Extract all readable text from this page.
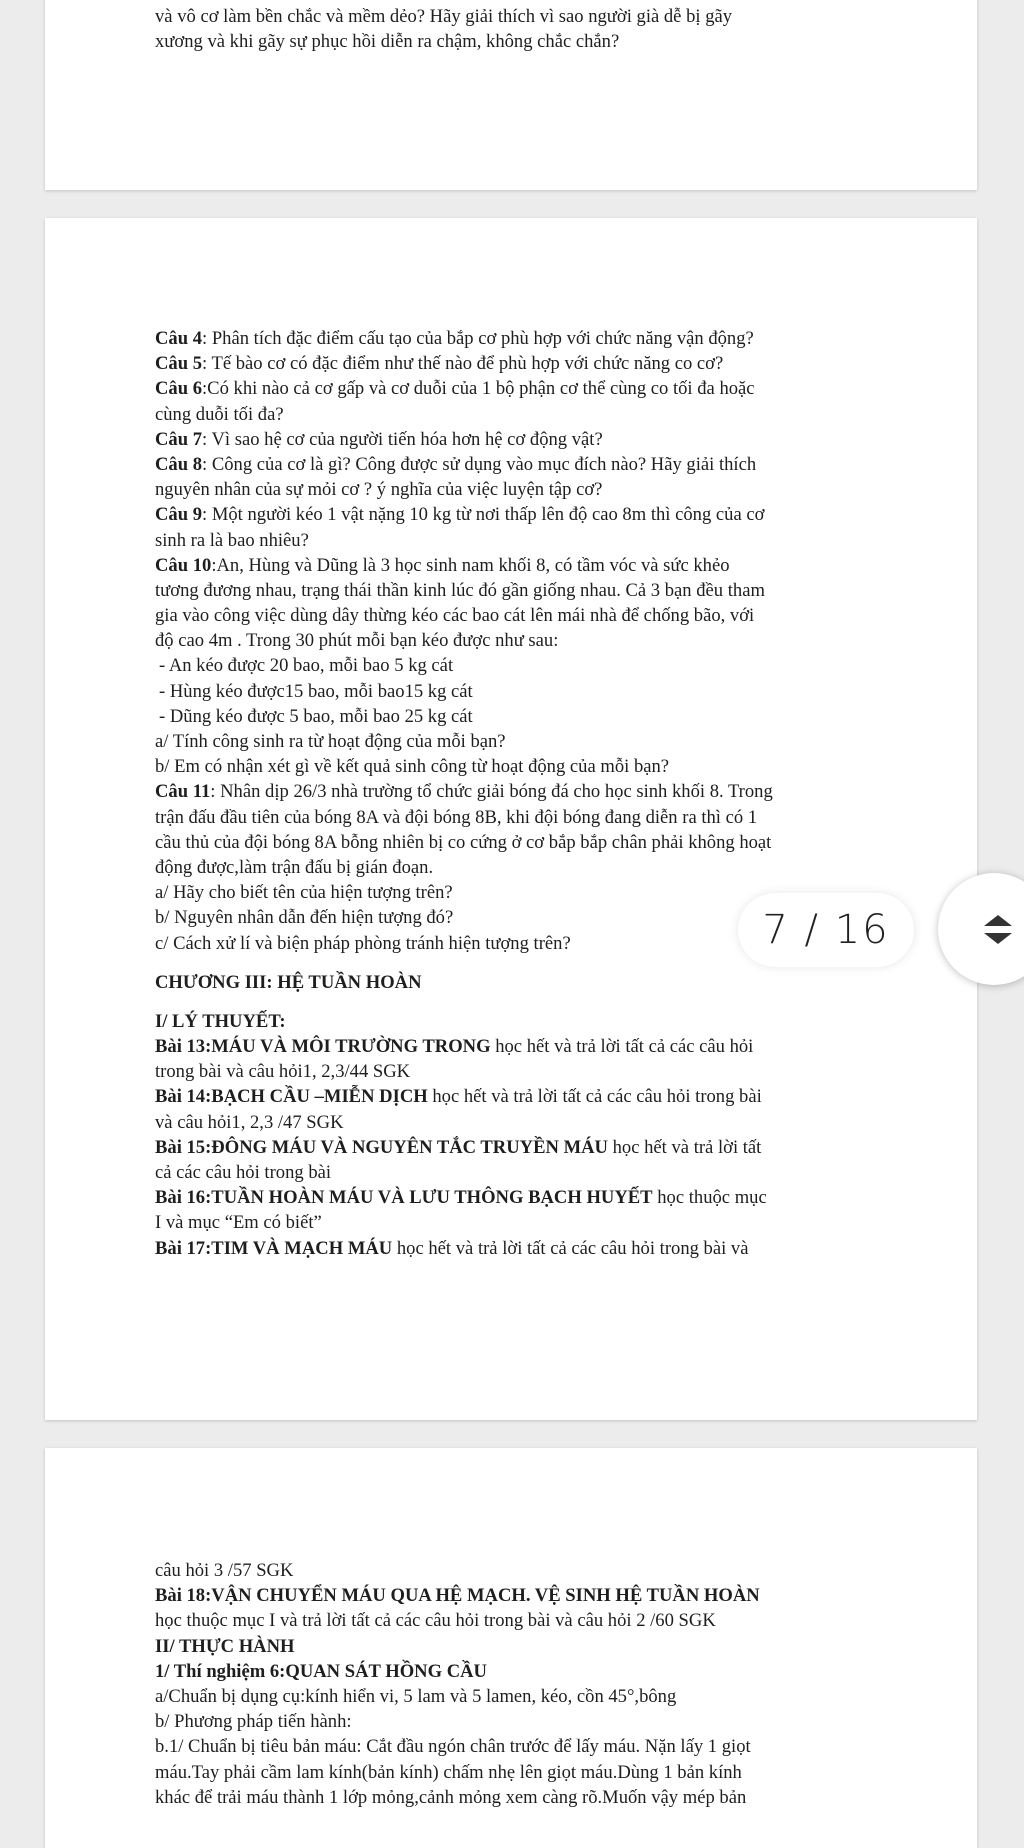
và vô cơ làm bền chắc và mềm dẻo? Hãy giải thích vì sao người già dễ bị gãy
xương và khi gãy sự phục hồi diễn ra chậm, không chắc chắn?
Câu 4: Phân tích đặc điểm cấu tạo của bắp cơ phù hợp với chức năng vận động?
Câu 5: Tế bào cơ có đặc điểm như thế nào để phù hợp với chức năng co cơ?
Câu 6:Có khi nào cả cơ gấp và cơ duỗi của 1 bộ phận cơ thể cùng co tối đa hoặc
cùng duỗi tối đa?
Câu 7: Vì sao hệ cơ của người tiến hóa hơn hệ cơ động vật?
Câu 8: Công của cơ là gì? Công được sử dụng vào mục đích nào? Hãy giải thích
nguyên nhân của sự mỏi cơ ? ý nghĩa của việc luyện tập cơ?
Câu 9: Một người kéo 1 vật nặng 10 kg từ nơi thấp lên độ cao 8m thì công của cơ
sinh ra là bao nhiêu?
Câu 10:An, Hùng và Dũng là 3 học sinh nam khối 8, có tầm vóc và sức khẻo
tương đương nhau, trạng thái thần kinh lúc đó gần giống nhau. Cả 3 bạn đều tham
gia vào công việc dùng dây thừng kéo các bao cát lên mái nhà để chống bão, với
độ cao 4m . Trong 30 phút mỗi bạn kéo được như sau:
- An kéo được 20 bao, mỗi bao 5 kg cát
- Hùng kéo được15 bao, mỗi bao15 kg cát
- Dũng kéo được 5 bao, mỗi bao 25 kg cát
a/ Tính công sinh ra từ hoạt động của mỗi bạn?
b/ Em có nhận xét gì về kết quả sinh công từ hoạt động của mỗi bạn?
Câu 11: Nhân dịp 26/3 nhà trường tổ chức giải bóng đá cho học sinh khối 8. Trong
trận đấu đầu tiên của bóng 8A và đội bóng 8B, khi đội bóng đang diễn ra thì có 1
cầu thủ của đội bóng 8A bỗng nhiên bị co cứng ở cơ bắp bắp chân phải không hoạt
động được,làm trận đấu bị gián đoạn.
a/ Hãy cho biết tên của hiện tượng trên?
b/ Nguyên nhân dẫn đến hiện tượng đó?
c/ Cách xử lí và biện pháp phòng tránh hiện tượng trên?
CHƯƠNG III: HỆ TUẦN HOÀN
I/ LÝ THUYẾT:
Bài 13:MÁU VÀ MÔI TRƯỜNG TRONG học hết và trả lời tất cả các câu hỏi
trong bài và câu hỏi1, 2,3/44 SGK
Bài 14:BẠCH CẦU –MIỄN DỊCH học hết và trả lời tất cả các câu hỏi trong bài
và câu hỏi1, 2,3 /47 SGK
Bài 15:ĐÔNG MÁU VÀ NGUYÊN TẮC TRUYỀN MÁU học hết và trả lời tất
cả các câu hỏi trong bài
Bài 16:TUẦN HOÀN MÁU VÀ LƯU THÔNG BẠCH HUYẾT học thuộc mục
I và mục “Em có biết”
Bài 17:TIM VÀ MẠCH MÁU học hết và trả lời tất cả các câu hỏi trong bài và
câu hỏi 3 /57 SGK
Bài 18:VẬN CHUYỂN MÁU QUA HỆ MẠCH. VỆ SINH HỆ TUẦN HOÀN
học thuộc mục I và trả lời tất cả các câu hỏi trong bài và câu hỏi 2 /60 SGK
II/ THỰC HÀNH
1/ Thí nghiệm 6:QUAN SÁT HỒNG CẦU
a/Chuẩn bị dụng cụ:kính hiển vi, 5 lam và 5 lamen, kéo, cồn 45°,bông
b/ Phương pháp tiến hành:
b.1/ Chuẩn bị tiêu bản máu: Cắt đầu ngón chân trước để lấy máu. Nặn lấy 1 giọt
máu.Tay phải cầm lam kính(bản kính) chấm nhẹ lên giọt máu.Dùng 1 bản kính
khác để trải máu thành 1 lớp mỏng,cảnh mỏng xem càng rõ.Muốn vậy mép bản
7 / 16
